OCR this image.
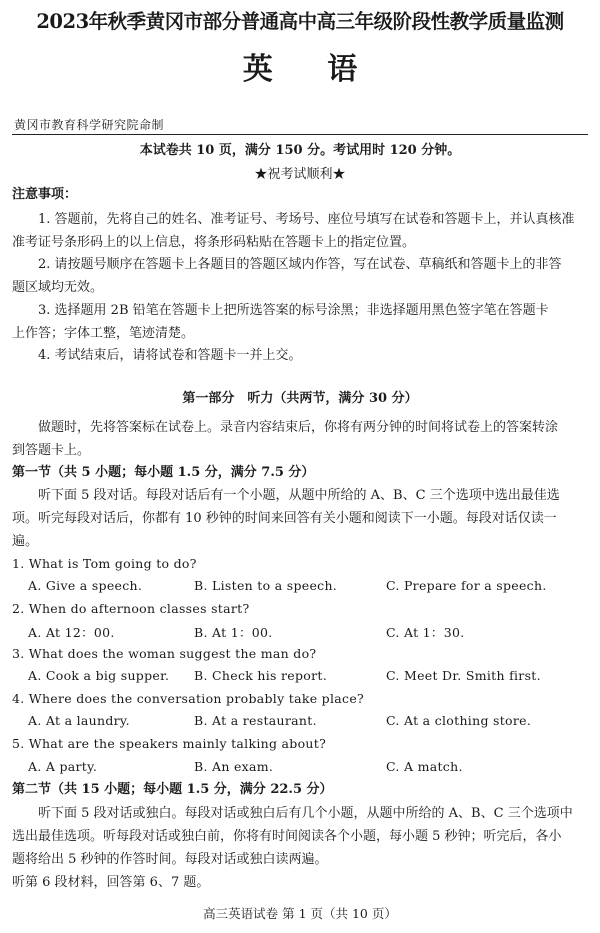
2023年秋季黄冈市部分普通高中高三年级阶段性教学质量监测
英 语
黄冈市教育科学研究院命制
本试卷共 10 页，满分 150 分。考试用时 120 分钟。
★祝考试顺利★
注意事项：
1. 答题前，先将自己的姓名、准考证号、考场号、座位号填写在试卷和答题卡上，并认真核准
准考证号条形码上的以上信息，将条形码粘贴在答题卡上的指定位置。
2. 请按题号顺序在答题卡上各题目的答题区域内作答，写在试卷、草稿纸和答题卡上的非答
题区域均无效。
3. 选择题用 2B 铅笔在答题卡上把所选答案的标号涂黑；非选择题用黑色签字笔在答题卡
上作答；字体工整，笔迹清楚。
4. 考试结束后，请将试卷和答题卡一并上交。
第一部分　听力（共两节，满分 30 分）
做题时，先将答案标在试卷上。录音内容结束后，你将有两分钟的时间将试卷上的答案转涂
到答题卡上。
第一节（共 5 小题；每小题 1.5 分，满分 7.5 分）
听下面 5 段对话。每段对话后有一个小题，从题中所给的 A、B、C 三个选项中选出最佳选
项。听完每段对话后，你都有 10 秒钟的时间来回答有关小题和阅读下一小题。每段对话仅读一
遍。
1. What is Tom going to do?
A. Give a speech.	B. Listen to a speech.	C. Prepare for a speech.
2. When do afternoon classes start?
A. At 12：00.	B. At 1：00.	C. At 1：30.
3. What does the woman suggest the man do?
A. Cook a big supper. B. Check his report.	C. Meet Dr. Smith first.
4. Where does the conversation probably take place?
A. At a laundry.	B. At a restaurant.	C. At a clothing store.
5. What are the speakers mainly talking about?
A. A party.	B. An exam.	C. A match.
第二节（共 15 小题；每小题 1.5 分，满分 22.5 分）
听下面 5 段对话或独白。每段对话或独白后有几个小题，从题中所给的 A、B、C 三个选项中
选出最佳选项。听每段对话或独白前，你将有时间阅读各个小题，每小题 5 秒钟；听完后，各小
题将给出 5 秒钟的作答时间。每段对话或独白读两遍。
听第 6 段材料，回答第 6、7 题。
高三英语试卷 第 1 页（共 10 页）
